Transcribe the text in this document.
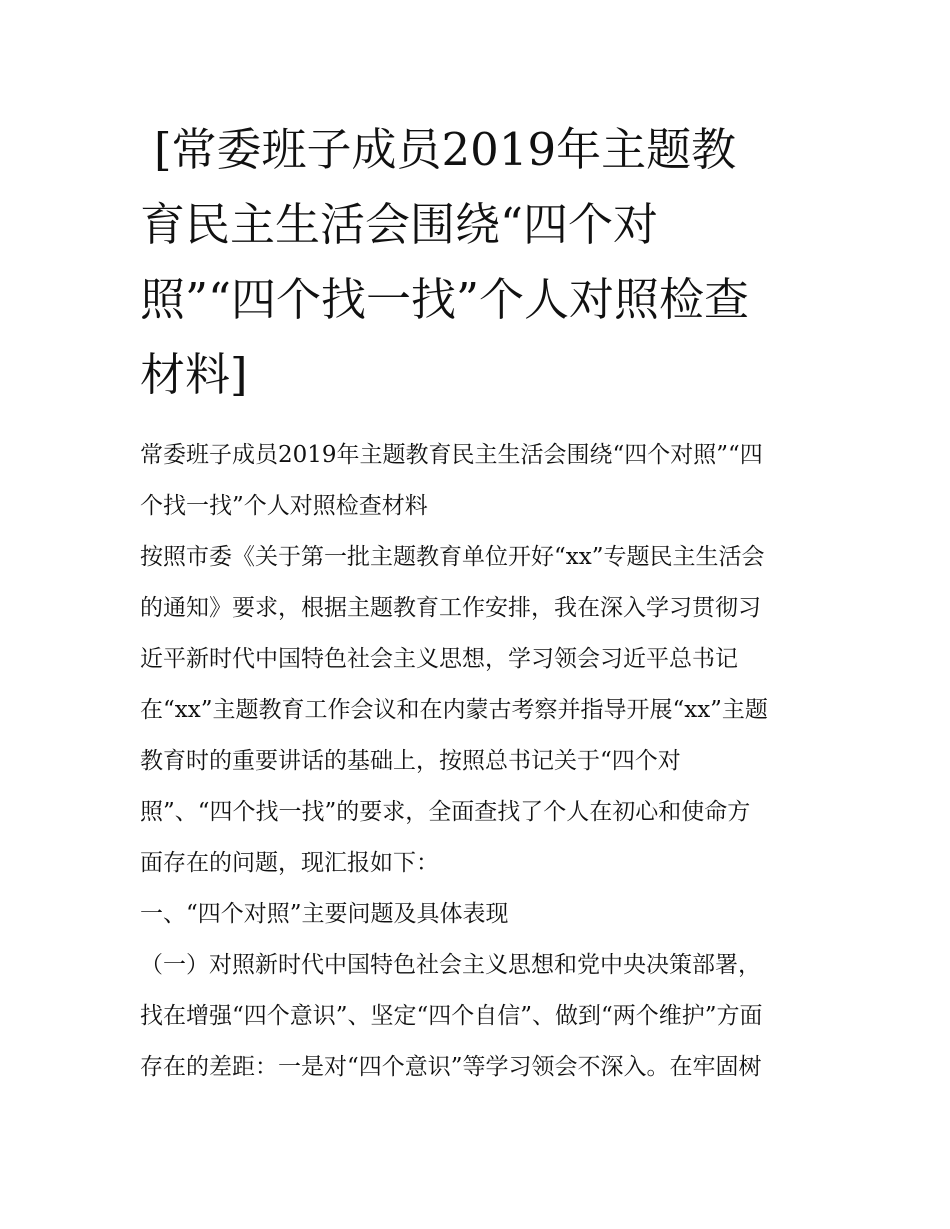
[常委班子成员2019年主题教
育民主生活会围绕“四个对
照”“四个找一找”个人对照检查
材料]
常委班子成员2019年主题教育民主生活会围绕“四个对照”“四
个找一找”个人对照检查材料
按照市委《关于第一批主题教育单位开好“xx”专题民主生活会
的通知》要求，根据主题教育工作安排，我在深入学习贯彻习
近平新时代中国特色社会主义思想，学习领会习近平总书记
在“xx”主题教育工作会议和在内蒙古考察并指导开展“xx”主题
教育时的重要讲话的基础上，按照总书记关于“四个对
照”、“四个找一找”的要求，全面查找了个人在初心和使命方
面存在的问题，现汇报如下：
一、“四个对照”主要问题及具体表现
（一）对照新时代中国特色社会主义思想和党中央决策部署，
找在增强“四个意识”、坚定“四个自信”、做到“两个维护”方面
存在的差距：一是对“四个意识”等学习领会不深入。在牢固树
